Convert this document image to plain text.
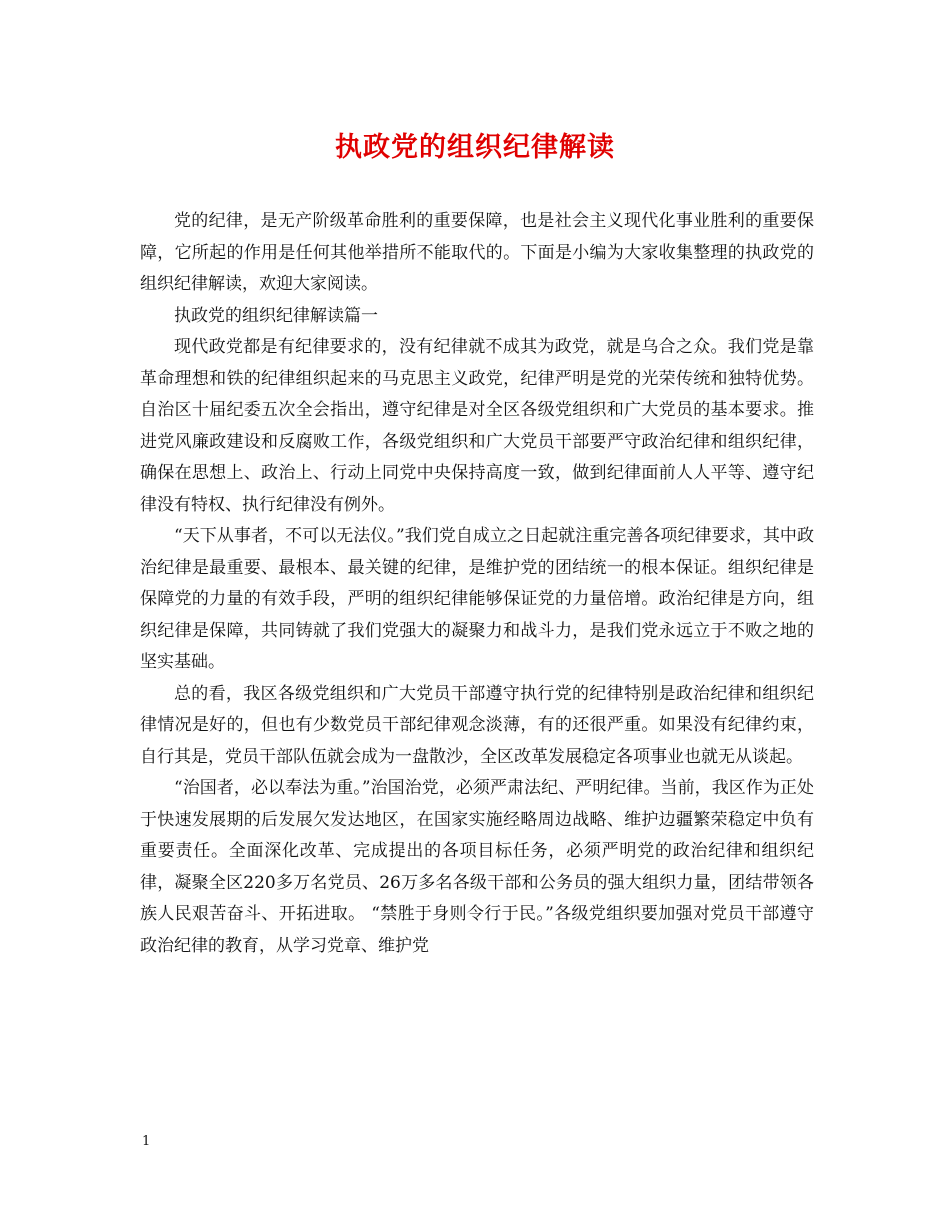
执政党的组织纪律解读

党的纪律，是无产阶级革命胜利的重要保障，也是社会主义现代化事业胜利的重要保障，它所起的作用是任何其他举措所不能取代的。下面是小编为大家收集整理的执政党的组织纪律解读，欢迎大家阅读。

执政党的组织纪律解读篇一

现代政党都是有纪律要求的，没有纪律就不成其为政党，就是乌合之众。我们党是靠革命理想和铁的纪律组织起来的马克思主义政党，纪律严明是党的光荣传统和独特优势。自治区十届纪委五次全会指出，遵守纪律是对全区各级党组织和广大党员的基本要求。推进党风廉政建设和反腐败工作，各级党组织和广大党员干部要严守政治纪律和组织纪律，确保在思想上、政治上、行动上同党中央保持高度一致，做到纪律面前人人平等、遵守纪律没有特权、执行纪律没有例外。

“天下从事者，不可以无法仪。”我们党自成立之日起就注重完善各项纪律要求，其中政治纪律是最重要、最根本、最关键的纪律，是维护党的团结统一的根本保证。组织纪律是保障党的力量的有效手段，严明的组织纪律能够保证党的力量倍增。政治纪律是方向，组织纪律是保障，共同铸就了我们党强大的凝聚力和战斗力，是我们党永远立于不败之地的坚实基础。

总的看，我区各级党组织和广大党员干部遵守执行党的纪律特别是政治纪律和组织纪律情况是好的，但也有少数党员干部纪律观念淡薄，有的还很严重。如果没有纪律约束，自行其是，党员干部队伍就会成为一盘散沙，全区改革发展稳定各项事业也就无从谈起。

“治国者，必以奉法为重。”治国治党，必须严肃法纪、严明纪律。当前，我区作为正处于快速发展期的后发展欠发达地区，在国家实施经略周边战略、维护边疆繁荣稳定中负有重要责任。全面深化改革、完成提出的各项目标任务，必须严明党的政治纪律和组织纪律，凝聚全区220多万名党员、26万多名各级干部和公务员的强大组织力量，团结带领各族人民艰苦奋斗、开拓进取。 “禁胜于身则令行于民。”各级党组织要加强对党员干部遵守政治纪律的教育，从学习党章、维护党

1
